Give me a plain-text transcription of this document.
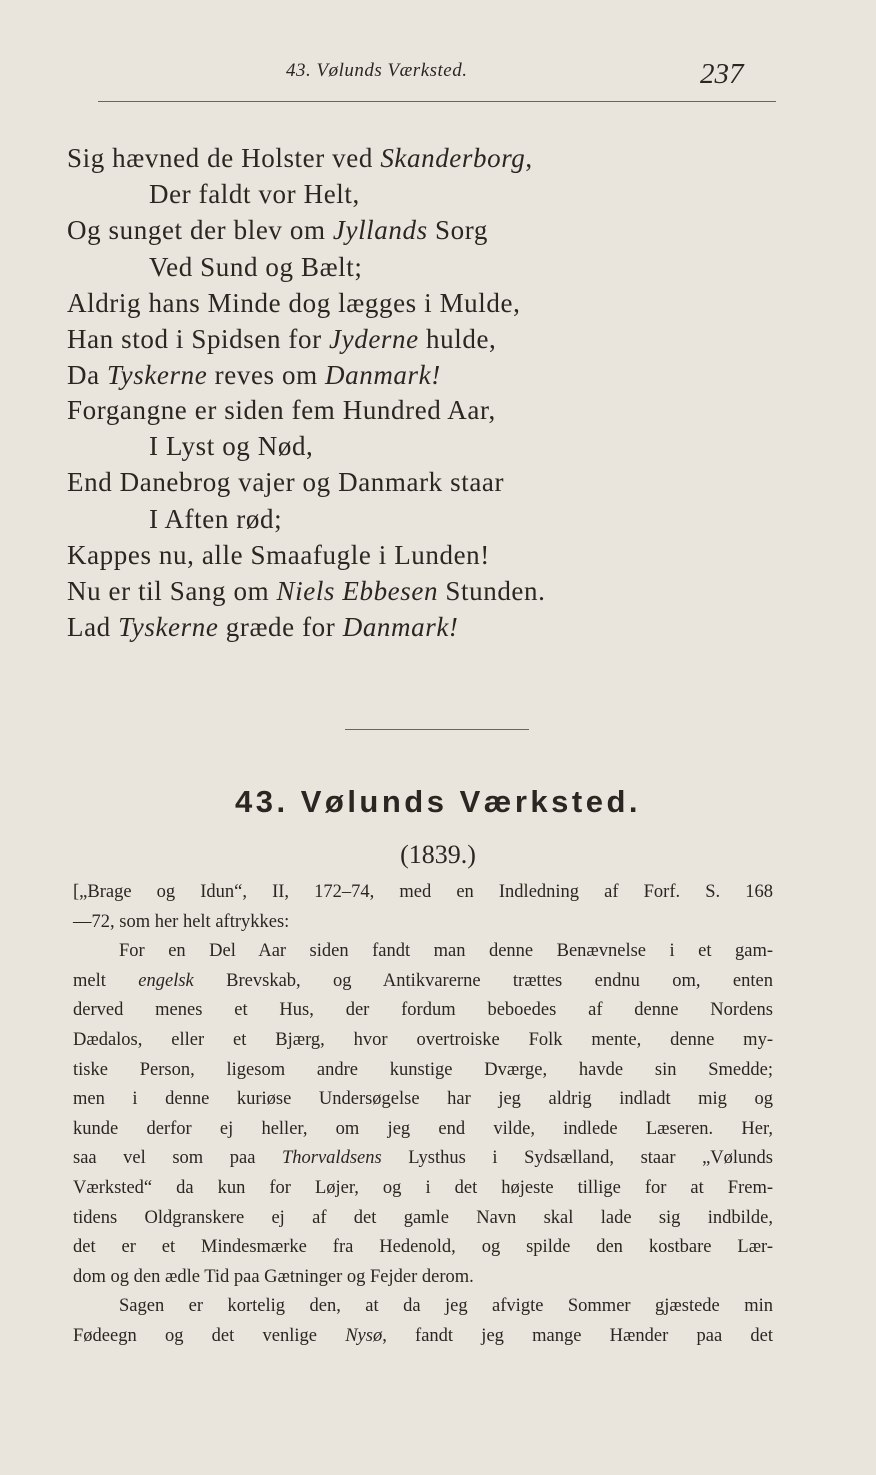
43. Vølunds Værksted.	237
Sig hævned de Holster ved Skanderborg,
Der faldt vor Helt,
Og sunget der blev om Jyllands Sorg
Ved Sund og Bælt;
Aldrig hans Minde dog lægges i Mulde,
Han stod i Spidsen for Jyderne hulde,
Da Tyskerne reves om Danmark!
Forgangne er siden fem Hundred Aar,
I Lyst og Nød,
End Danebrog vajer og Danmark staar
I Aften rød;
Kappes nu, alle Smaafugle i Lunden!
Nu er til Sang om Niels Ebbesen Stunden.
Lad Tyskerne græde for Danmark!
43. Vølunds Værksted.
(1839.)
[„Brage og Idun“, II, 172–74, med en Indledning af Forf. S. 168
—72, som her helt aftrykkes:
For en Del Aar siden fandt man denne Benævnelse i et gam-
melt engelsk Brevskab, og Antikvarerne trættes endnu om, enten
derved menes et Hus, der fordum beboedes af denne Nordens
Dædalos, eller et Bjærg, hvor overtroiske Folk mente, denne my-
tiske Person, ligesom andre kunstige Dværge, havde sin Smedde;
men i denne kuriøse Undersøgelse har jeg aldrig indladt mig og
kunde derfor ej heller, om jeg end vilde, indlede Læseren. Her,
saa vel som paa Thorvaldsens Lysthus i Sydsælland, staar „Vølunds
Værksted“ da kun for Løjer, og i det højeste tillige for at Frem-
tidens Oldgranskere ej af det gamle Navn skal lade sig indbilde,
det er et Mindesmærke fra Hedenold, og spilde den kostbare Lær-
dom og den ædle Tid paa Gætninger og Fejder derom.
Sagen er kortelig den, at da jeg afvigte Sommer gjæstede min
Fødeegn og det venlige Nysø, fandt jeg mange Hænder paa det
